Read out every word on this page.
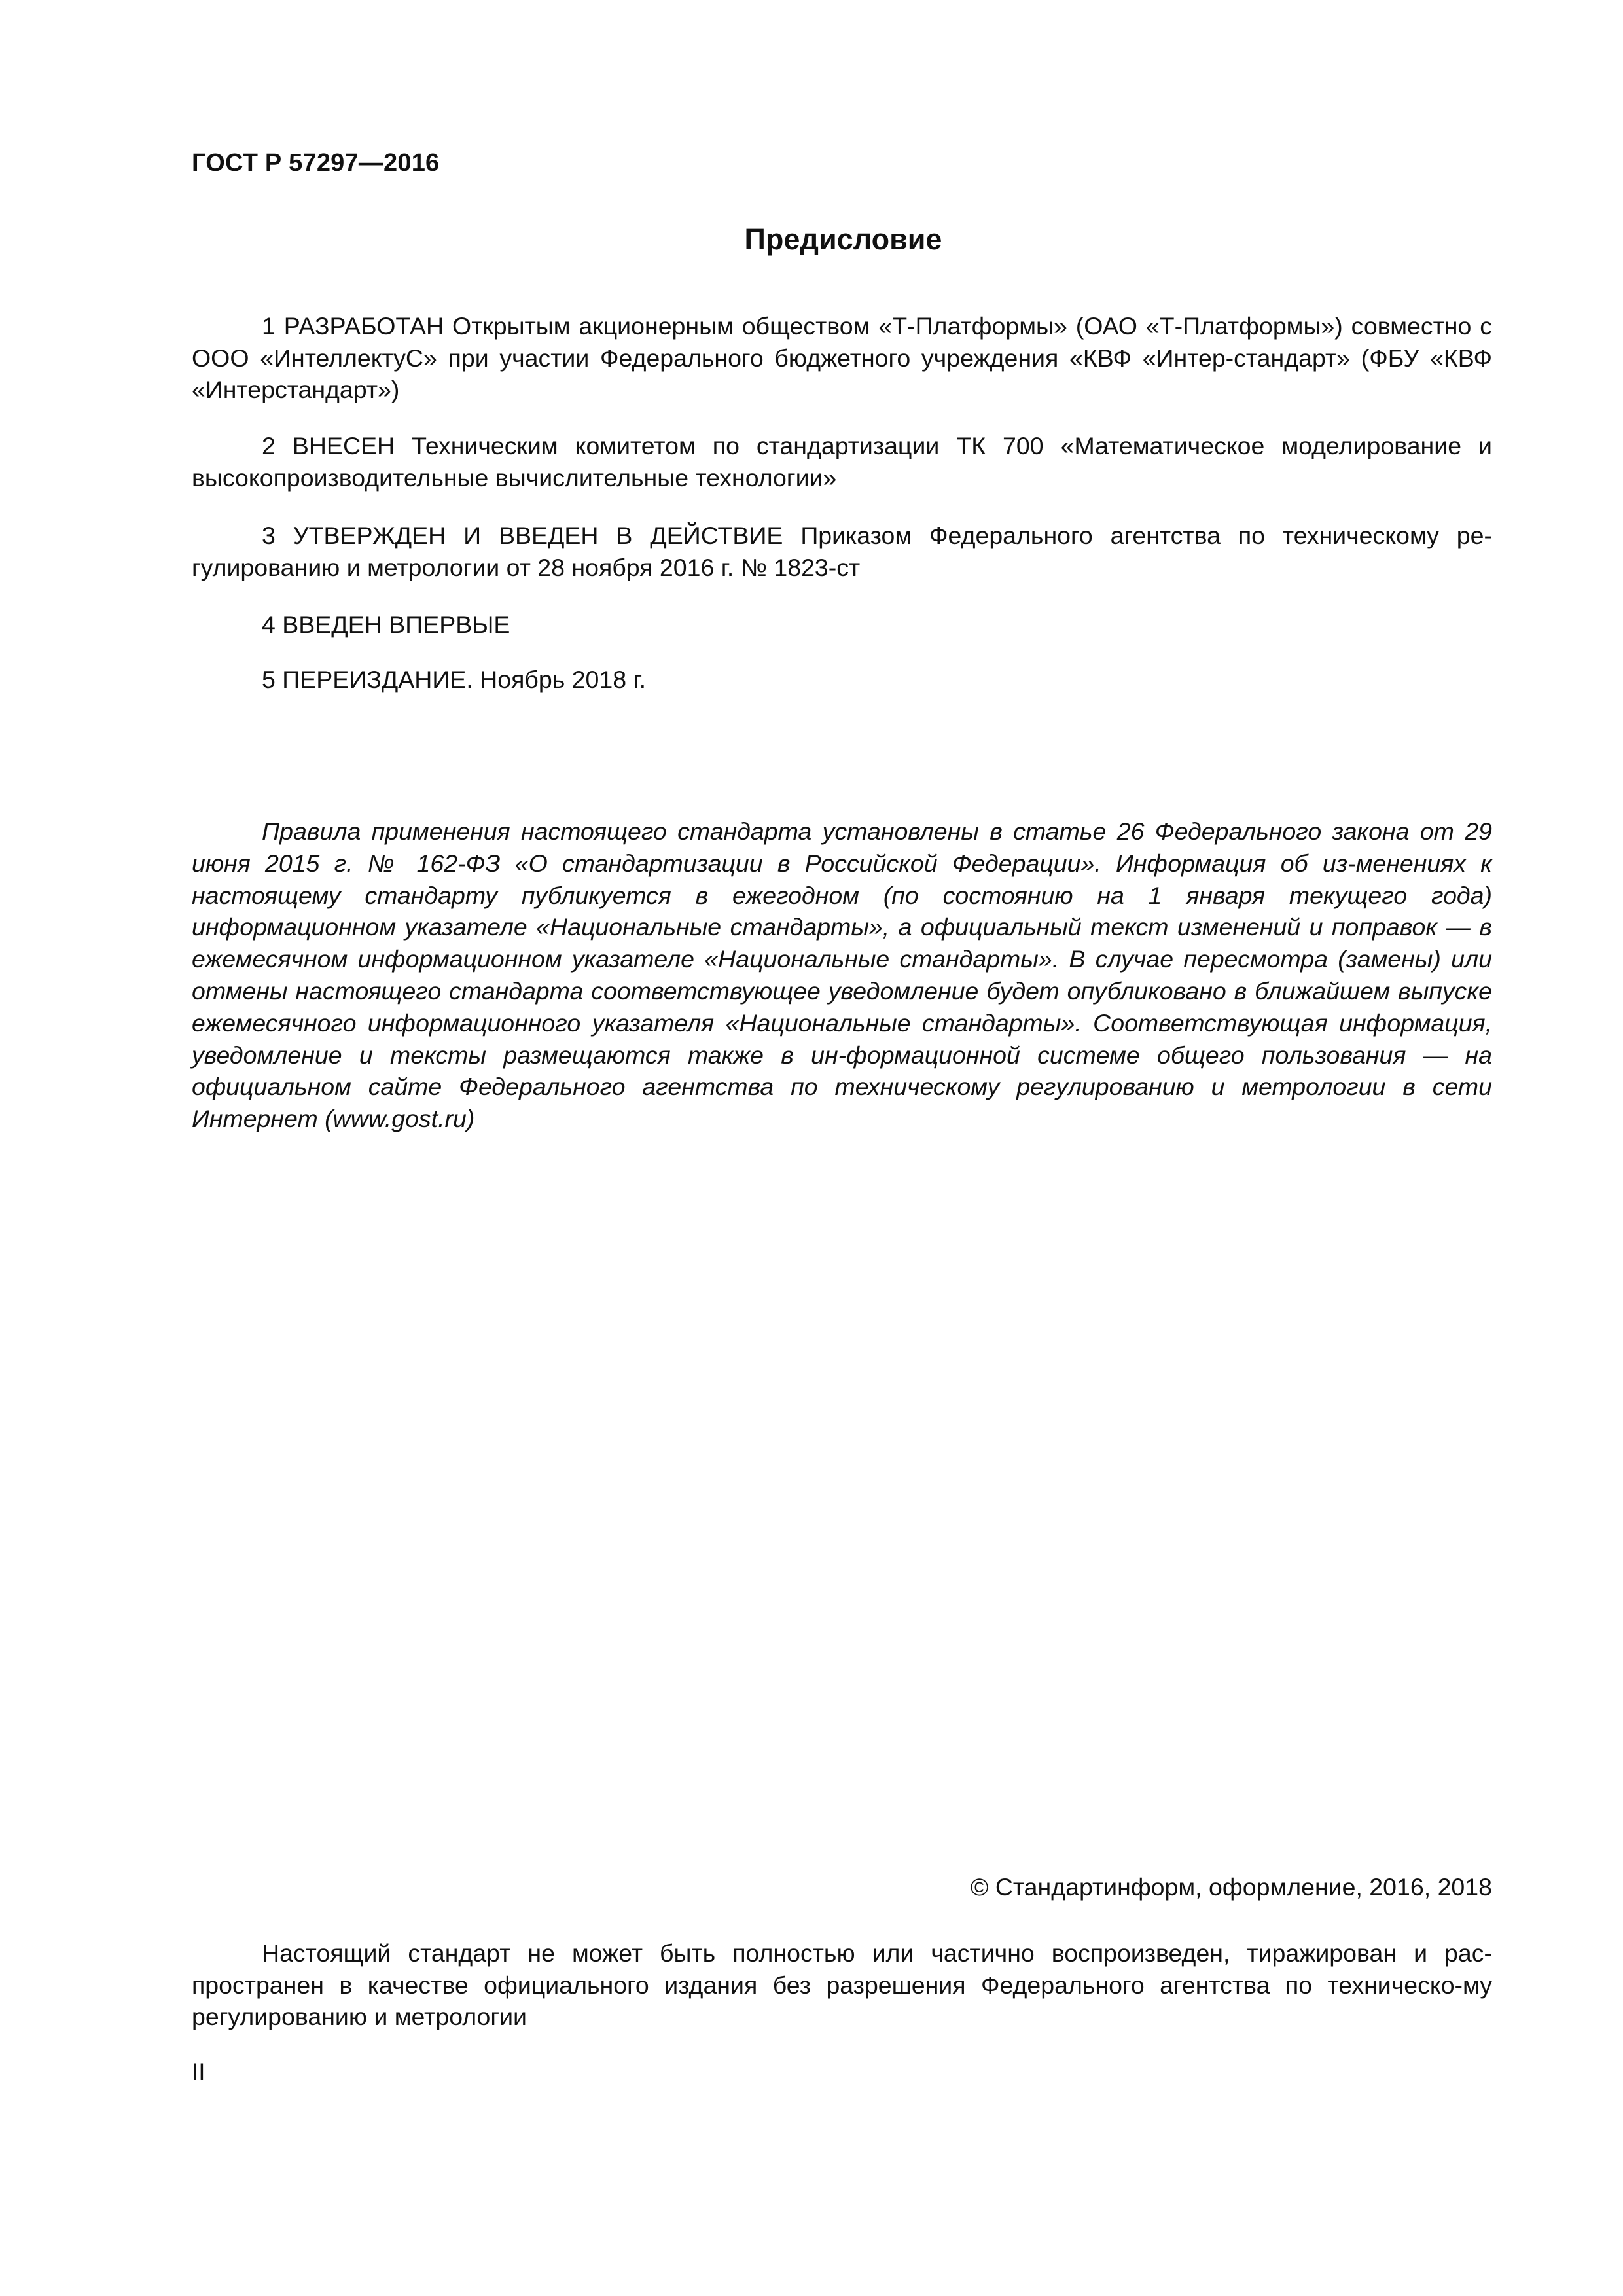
ГОСТ Р 57297—2016
Предисловие

1 РАЗРАБОТАН Открытым акционерным обществом «Т-Платформы» (ОАО «Т-Платформы») совместно с ООО «ИнтеллектуС» при участии Федерального бюджетного учреждения «КВФ «Интер-стандарт» (ФБУ «КВФ «Интерстандарт»)

2 ВНЕСЕН Техническим комитетом по стандартизации ТК 700 «Математическое моделирование и высокопроизводительные вычислительные технологии»

3 УТВЕРЖДЕН И ВВЕДЕН В ДЕЙСТВИЕ Приказом Федерального агентства по техническому ре-гулированию и метрологии от 28 ноября 2016 г. № 1823-ст

4 ВВЕДЕН ВПЕРВЫЕ

5 ПЕРЕИЗДАНИЕ. Ноябрь 2018 г.

Правила применения настоящего стандарта установлены в статье 26 Федерального закона от 29 июня 2015 г. № 162-ФЗ «О стандартизации в Российской Федерации». Информация об из-менениях к настоящему стандарту публикуется в ежегодном (по состоянию на 1 января текущего года) информационном указателе «Национальные стандарты», а официальный текст изменений и поправок — в ежемесячном информационном указателе «Национальные стандарты». В случае пересмотра (замены) или отмены настоящего стандарта соответствующее уведомление будет опубликовано в ближайшем выпуске ежемесячного информационного указателя «Национальные стандарты». Соответствующая информация, уведомление и тексты размещаются также в ин-формационной системе общего пользования — на официальном сайте Федерального агентства по техническому регулированию и метрологии в сети Интернет (www.gost.ru)

© Стандартинформ, оформление, 2016, 2018

Настоящий стандарт не может быть полностью или частично воспроизведен, тиражирован и рас-пространен в качестве официального издания без разрешения Федерального агентства по техническо-му регулированию и метрологии

II
